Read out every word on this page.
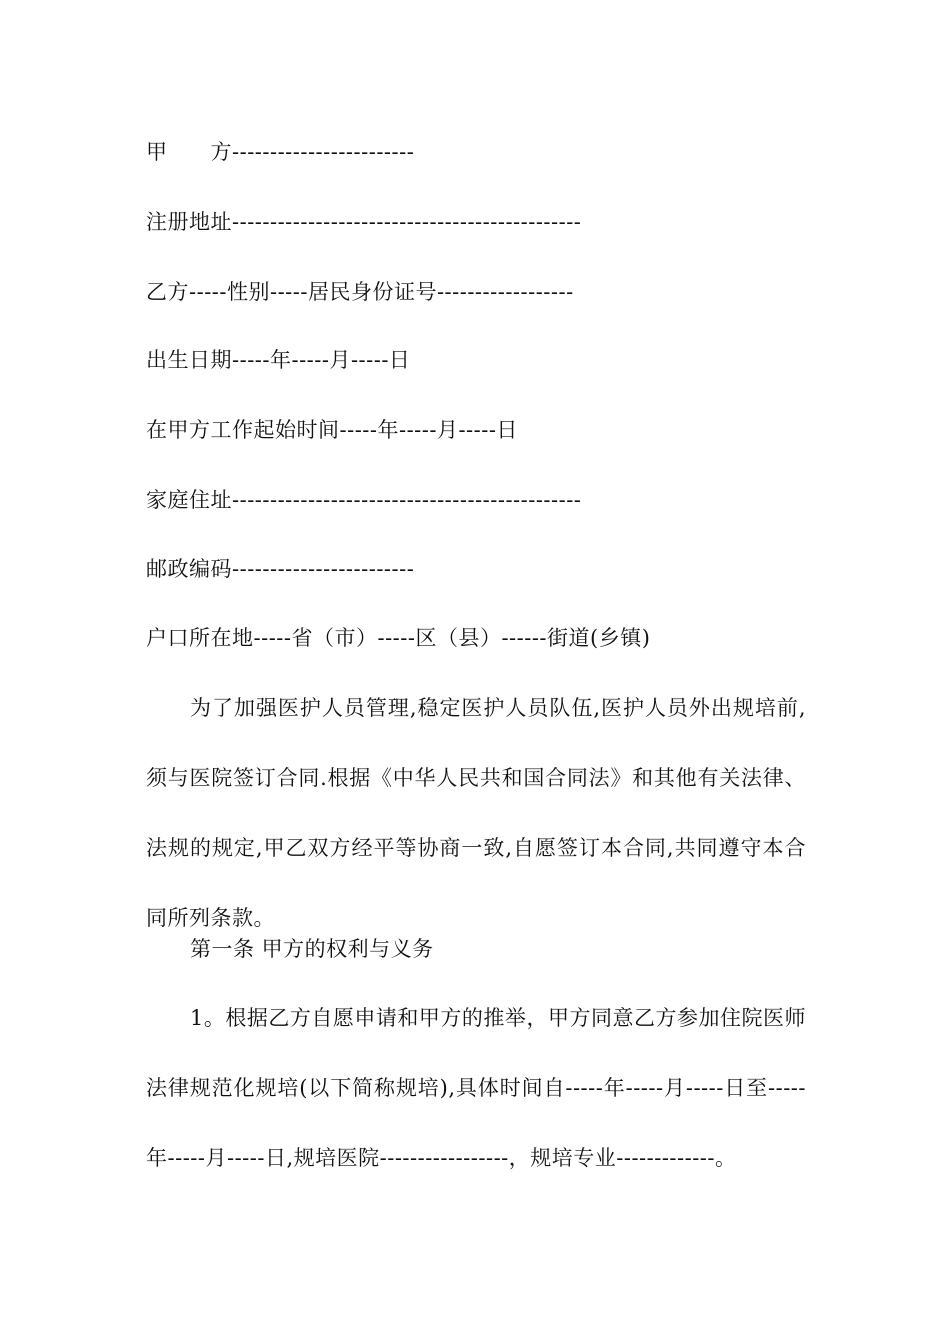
甲　　方------------------------
注册地址----------------------------------------------
乙方-----性别-----居民身份证号------------------
出生日期-----年-----月-----日
在甲方工作起始时间-----年-----月-----日
家庭住址----------------------------------------------
邮政编码------------------------
户口所在地-----省（市）-----区（县）------街道(乡镇)
为了加强医护人员管理,稳定医护人员队伍,医护人员外出规培前,须与医院签订合同.根据《中华人民共和国合同法》和其他有关法律、法规的规定,甲乙双方经平等协商一致,自愿签订本合同,共同遵守本合同所列条款。
第一条 甲方的权利与义务
1。根据乙方自愿申请和甲方的推举，甲方同意乙方参加住院医师法律规范化规培(以下简称规培),具体时间自-----年-----月-----日至-----年-----月-----日,规培医院-----------------，规培专业-------------。
